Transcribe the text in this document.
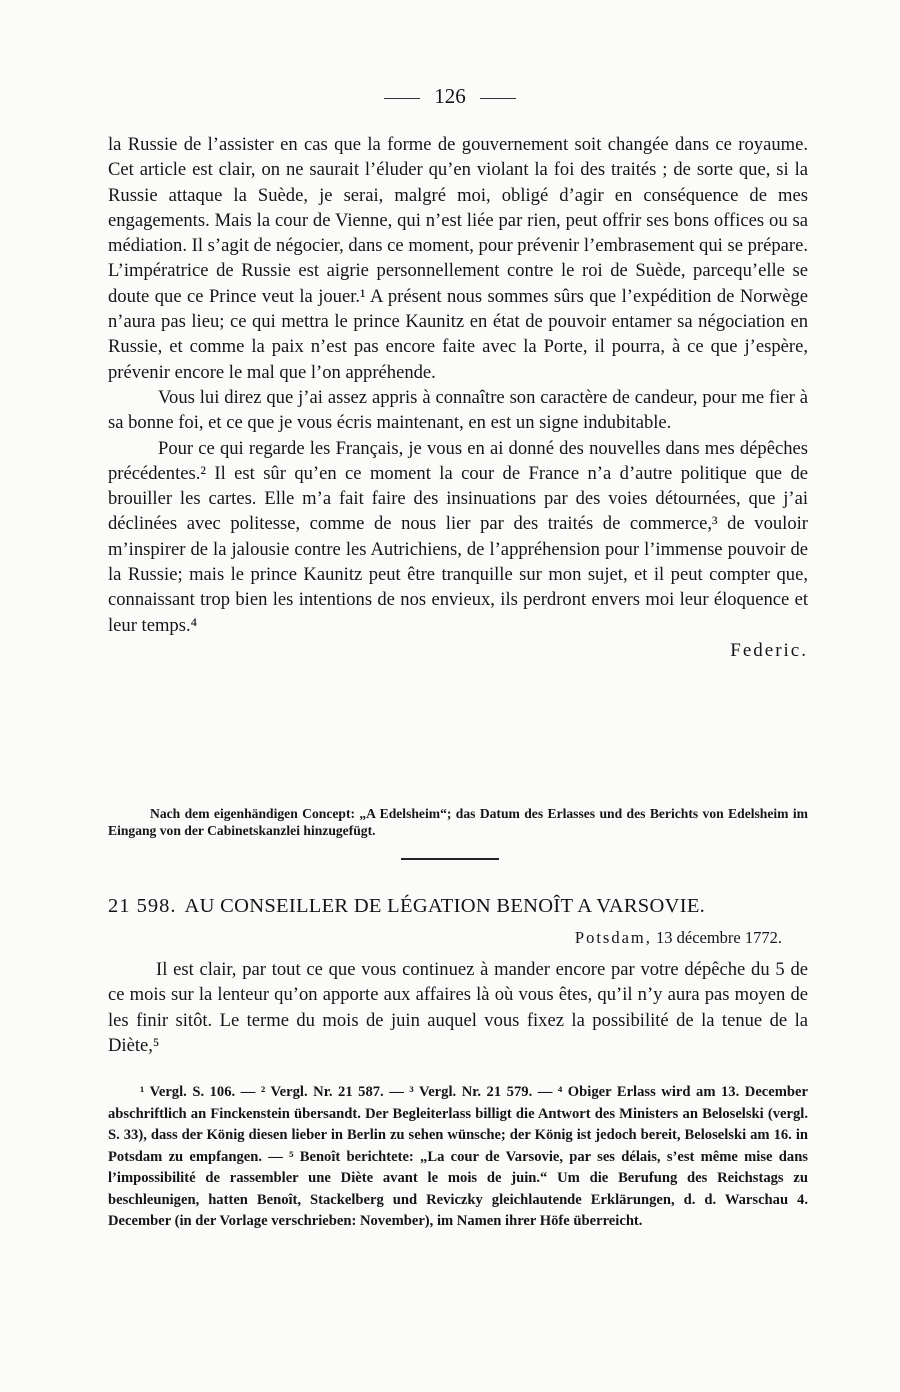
126

la Russie de l’assister en cas que la forme de gouvernement soit changée dans ce royaume. Cet article est clair, on ne saurait l’éluder qu’en violant la foi des traités ; de sorte que, si la Russie attaque la Suède, je serai, malgré moi, obligé d’agir en conséquence de mes engagements. Mais la cour de Vienne, qui n’est liée par rien, peut offrir ses bons offices ou sa médiation. Il s’agit de négocier, dans ce moment, pour prévenir l’embrasement qui se prépare. L’impératrice de Russie est aigrie personnellement contre le roi de Suède, parcequ’elle se doute que ce Prince veut la jouer.¹ A présent nous sommes sûrs que l’expédition de Norwège n’aura pas lieu; ce qui mettra le prince Kaunitz en état de pouvoir entamer sa négociation en Russie, et comme la paix n’est pas encore faite avec la Porte, il pourra, à ce que j’espère, prévenir encore le mal que l’on appréhende.

Vous lui direz que j’ai assez appris à connaître son caractère de candeur, pour me fier à sa bonne foi, et ce que je vous écris maintenant, en est un signe indubitable.

Pour ce qui regarde les Français, je vous en ai donné des nouvelles dans mes dépêches précédentes.² Il est sûr qu’en ce moment la cour de France n’a d’autre politique que de brouiller les cartes. Elle m’a fait faire des insinuations par des voies détournées, que j’ai déclinées avec politesse, comme de nous lier par des traités de commerce,³ de vouloir m’inspirer de la jalousie contre les Autrichiens, de l’appréhension pour l’immense pouvoir de la Russie; mais le prince Kaunitz peut être tranquille sur mon sujet, et il peut compter que, connaissant trop bien les intentions de nos envieux, ils perdront envers moi leur éloquence et leur temps.⁴

Federic.

Nach dem eigenhändigen Concept: „A Edelsheim“; das Datum des Erlasses und des Berichts von Edelsheim im Eingang von der Cabinetskanzlei hinzugefügt.
21 598. AU CONSEILLER DE LÉGATION BENOÎT A VARSOVIE.
Potsdam, 13 décembre 1772.

Il est clair, par tout ce que vous continuez à mander encore par votre dépêche du 5 de ce mois sur la lenteur qu’on apporte aux affaires là où vous êtes, qu’il n’y aura pas moyen de les finir sitôt. Le terme du mois de juin auquel vous fixez la possibilité de la tenue de la Diète,⁵

¹ Vergl. S. 106. — ² Vergl. Nr. 21 587. — ³ Vergl. Nr. 21 579. — ⁴ Obiger Erlass wird am 13. December abschriftlich an Finckenstein übersandt. Der Begleiterlass billigt die Antwort des Ministers an Beloselski (vergl. S. 33), dass der König diesen lieber in Berlin zu sehen wünsche; der König ist jedoch bereit, Beloselski am 16. in Potsdam zu empfangen. — ⁵ Benoît berichtete: „La cour de Varsovie, par ses délais, s’est même mise dans l’impossibilité de rassembler une Diète avant le mois de juin.“ Um die Berufung des Reichstags zu beschleunigen, hatten Benoît, Stackelberg und Reviczky gleichlautende Erklärungen, d. d. Warschau 4. December (in der Vorlage verschrieben: November), im Namen ihrer Höfe überreicht.
